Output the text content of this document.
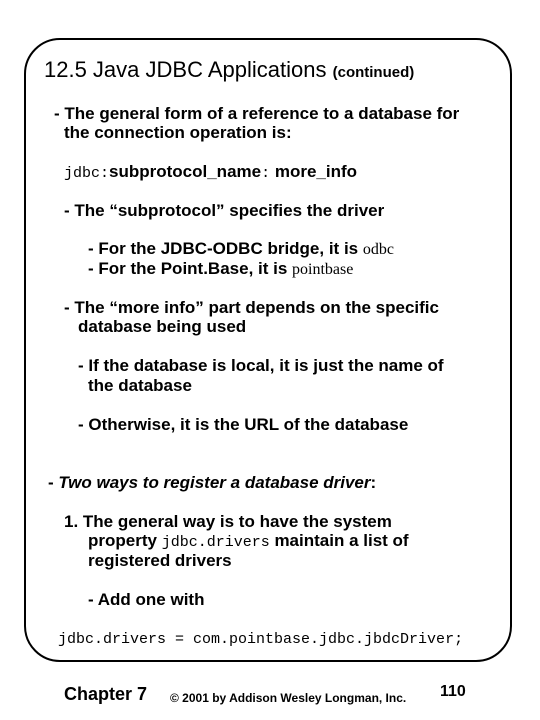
12.5 Java JDBC Applications (continued)
- The general form of a reference to a database for
the connection operation is:
jdbc:subprotocol_name: more_info
- The “subprotocol” specifies the driver
- For the JDBC-ODBC bridge, it is odbc
- For the Point.Base, it is pointbase
- The “more info” part depends on the specific
database being used
- If the database is local, it is just the name of
the database
- Otherwise, it is the URL of the database
- Two ways to register a database driver:
1. The general way is to have the system
property jdbc.drivers maintain a list of
registered drivers
- Add one with
jdbc.drivers = com.pointbase.jdbc.jbdcDriver;
Chapter 7 © 2001 by Addison Wesley Longman, Inc. 110
